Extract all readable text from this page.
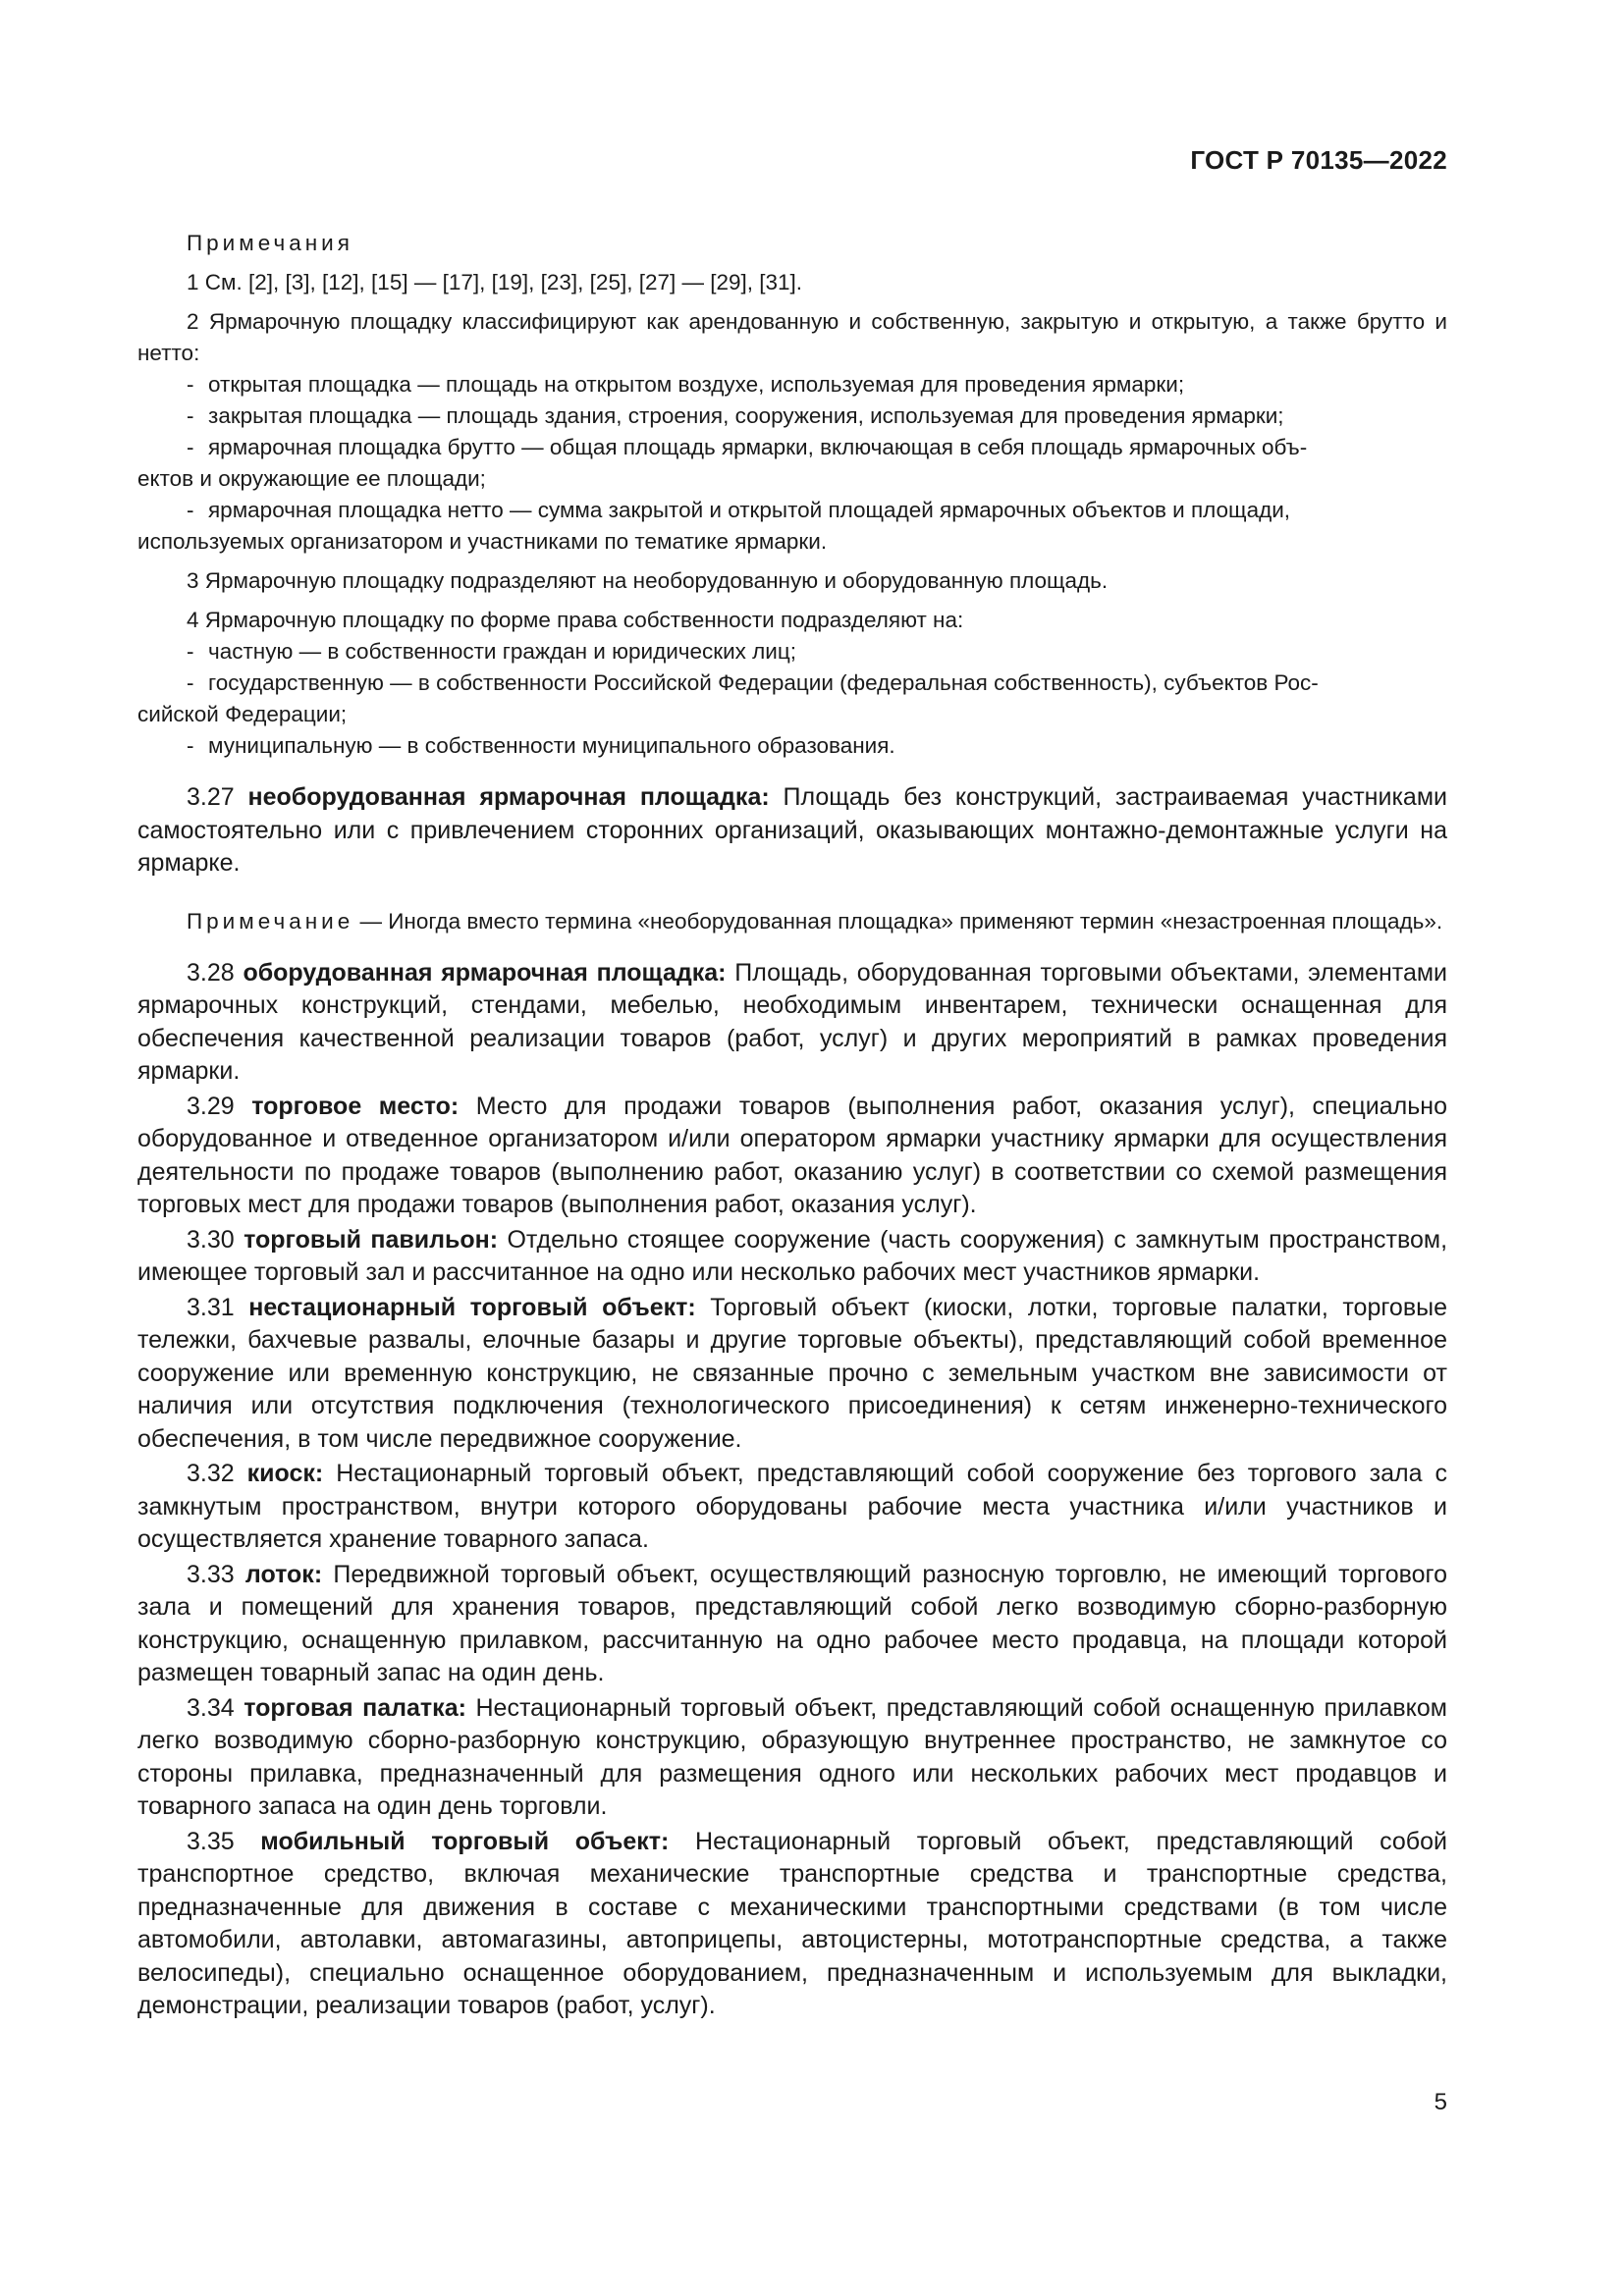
ГОСТ Р 70135—2022

Примечания

1 См. [2], [3], [12], [15] — [17], [19], [23], [25], [27] — [29], [31].

2 Ярмарочную площадку классифицируют как арендованную и собственную, закрытую и открытую, а также брутто и нетто:

- открытая площадка — площадь на открытом воздухе, используемая для проведения ярмарки;

- закрытая площадка — площадь здания, строения, сооружения, используемая для проведения ярмарки;

- ярмарочная площадка брутто — общая площадь ярмарки, включающая в себя площадь ярмарочных объ-

ектов и окружающие ее площади;

- ярмарочная площадка нетто — сумма закрытой и открытой площадей ярмарочных объектов и площади,

используемых организатором и участниками по тематике ярмарки.

3 Ярмарочную площадку подразделяют на необорудованную и оборудованную площадь.

4 Ярмарочную площадку по форме права собственности подразделяют на:

- частную — в собственности граждан и юридических лиц;

- государственную — в собственности Российской Федерации (федеральная собственность), субъектов Рос-

сийской Федерации;

- муниципальную — в собственности муниципального образования.

3.27 необорудованная ярмарочная площадка: Площадь без конструкций, застраиваемая участниками самостоятельно или с привлечением сторонних организаций, оказывающих монтажно-демонтажные услуги на ярмарке.

Примечание — Иногда вместо термина «необорудованная площадка» применяют термин «незастроенная площадь».

3.28 оборудованная ярмарочная площадка: Площадь, оборудованная торговыми объектами, элементами ярмарочных конструкций, стендами, мебелью, необходимым инвентарем, технически оснащенная для обеспечения качественной реализации товаров (работ, услуг) и других мероприятий в рамках проведения ярмарки.

3.29 торговое место: Место для продажи товаров (выполнения работ, оказания услуг), специально оборудованное и отведенное организатором и/или оператором ярмарки участнику ярмарки для осуществления деятельности по продаже товаров (выполнению работ, оказанию услуг) в соответствии со схемой размещения торговых мест для продажи товаров (выполнения работ, оказания услуг).

3.30 торговый павильон: Отдельно стоящее сооружение (часть сооружения) с замкнутым пространством, имеющее торговый зал и рассчитанное на одно или несколько рабочих мест участников ярмарки.

3.31 нестационарный торговый объект: Торговый объект (киоски, лотки, торговые палатки, торговые тележки, бахчевые развалы, елочные базары и другие торговые объекты), представляющий собой временное сооружение или временную конструкцию, не связанные прочно с земельным участком вне зависимости от наличия или отсутствия подключения (технологического присоединения) к сетям инженерно-технического обеспечения, в том числе передвижное сооружение.

3.32 киоск: Нестационарный торговый объект, представляющий собой сооружение без торгового зала с замкнутым пространством, внутри которого оборудованы рабочие места участника и/или участников и осуществляется хранение товарного запаса.

3.33 лоток: Передвижной торговый объект, осуществляющий разносную торговлю, не имеющий торгового зала и помещений для хранения товаров, представляющий собой легко возводимую сборно-разборную конструкцию, оснащенную прилавком, рассчитанную на одно рабочее место продавца, на площади которой размещен товарный запас на один день.

3.34 торговая палатка: Нестационарный торговый объект, представляющий собой оснащенную прилавком легко возводимую сборно-разборную конструкцию, образующую внутреннее пространство, не замкнутое со стороны прилавка, предназначенный для размещения одного или нескольких рабочих мест продавцов и товарного запаса на один день торговли.

3.35 мобильный торговый объект: Нестационарный торговый объект, представляющий собой транспортное средство, включая механические транспортные средства и транспортные средства, предназначенные для движения в составе с механическими транспортными средствами (в том числе автомобили, автолавки, автомагазины, автоприцепы, автоцистерны, мототранспортные средства, а также велосипеды), специально оснащенное оборудованием, предназначенным и используемым для выкладки, демонстрации, реализации товаров (работ, услуг).

5
